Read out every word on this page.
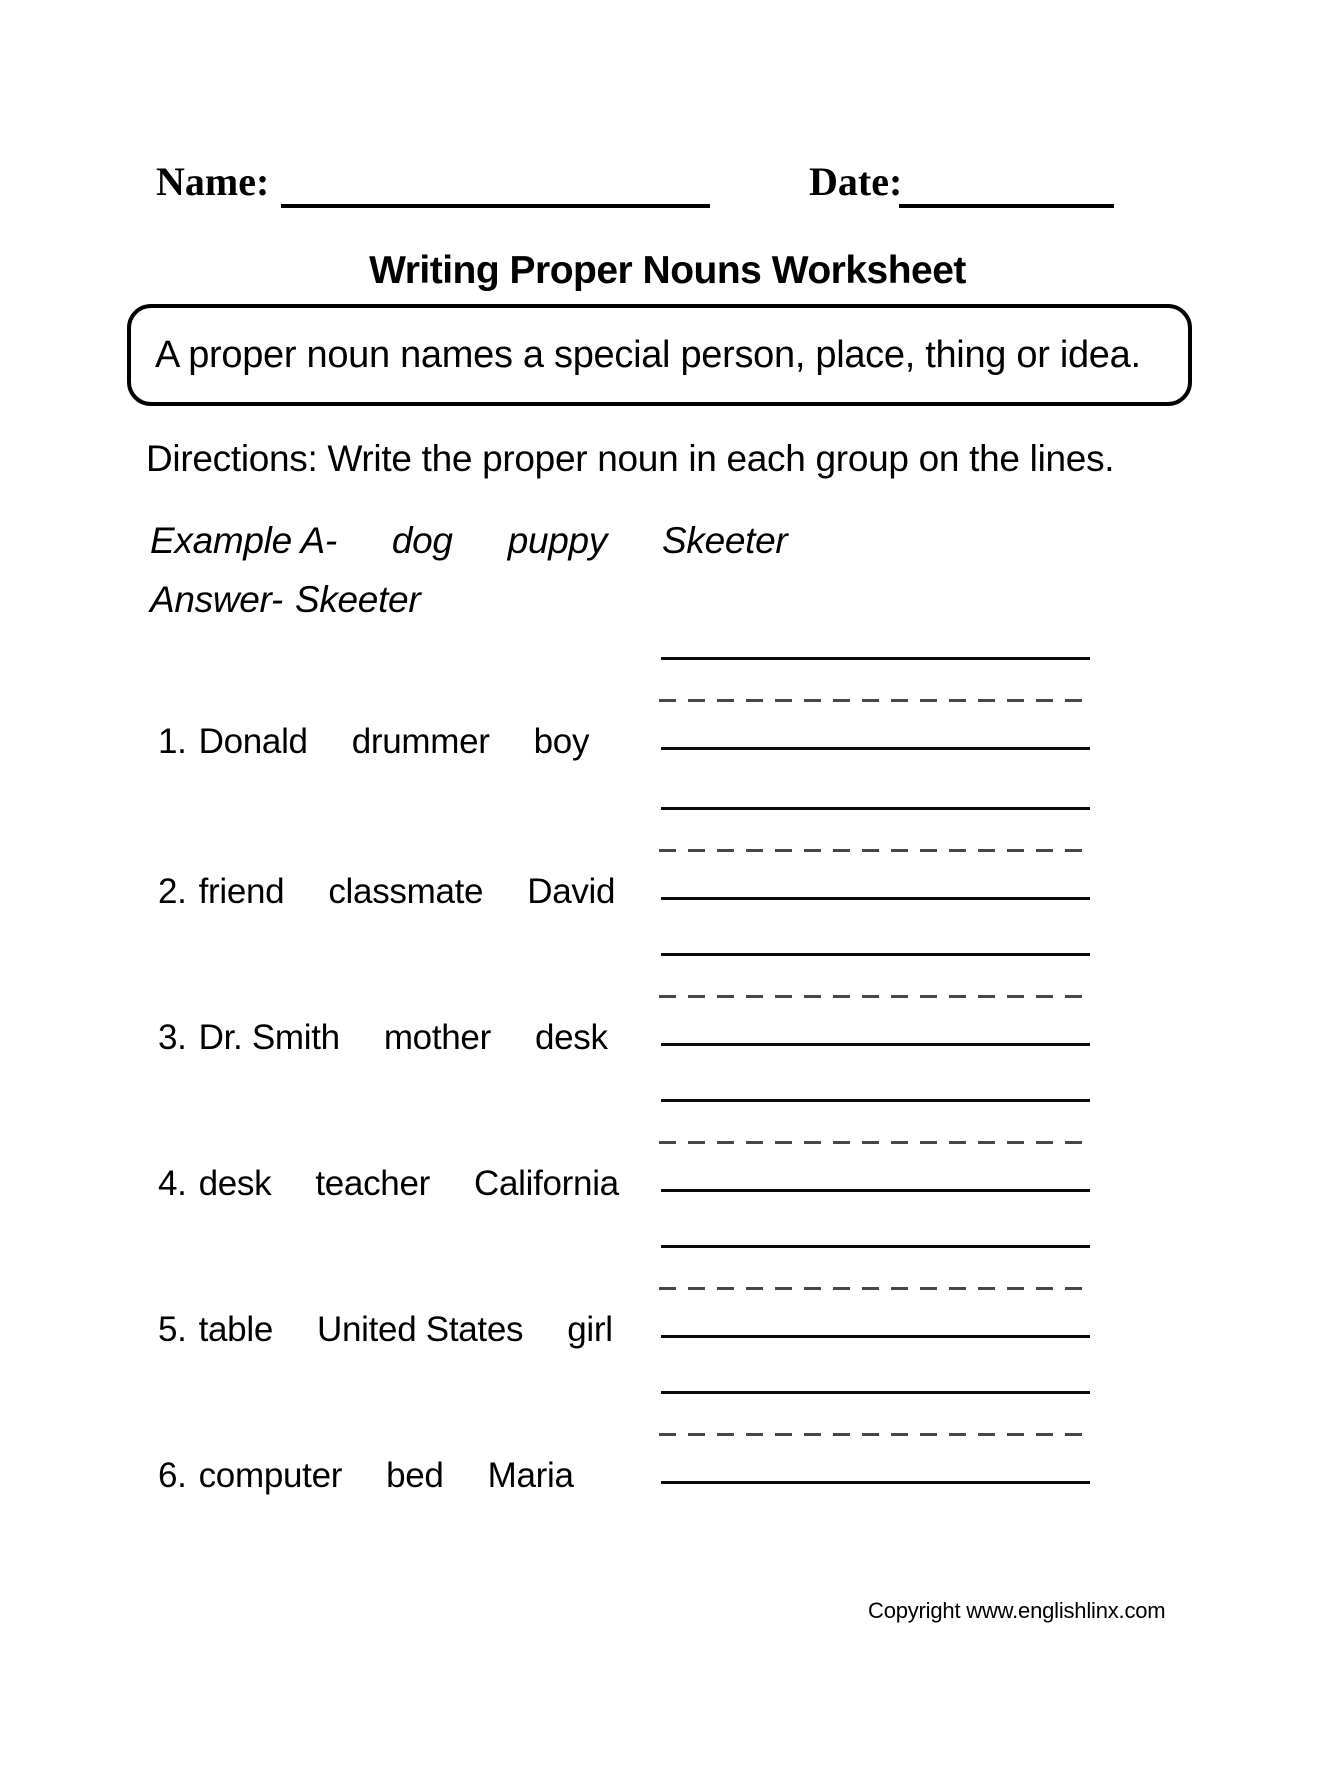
Name:	Date:
Writing Proper Nouns Worksheet
A proper noun names a special person, place, thing or idea.
Directions: Write the proper noun in each group on the lines.
Example A- dog puppy Skeeter
Answer- Skeeter
1. Donald drummer boy
2. friend classmate David
3. Dr. Smith mother desk
4. desk teacher California
5. table United States girl
6. computer bed Maria
Copyright www.englishlinx.com
